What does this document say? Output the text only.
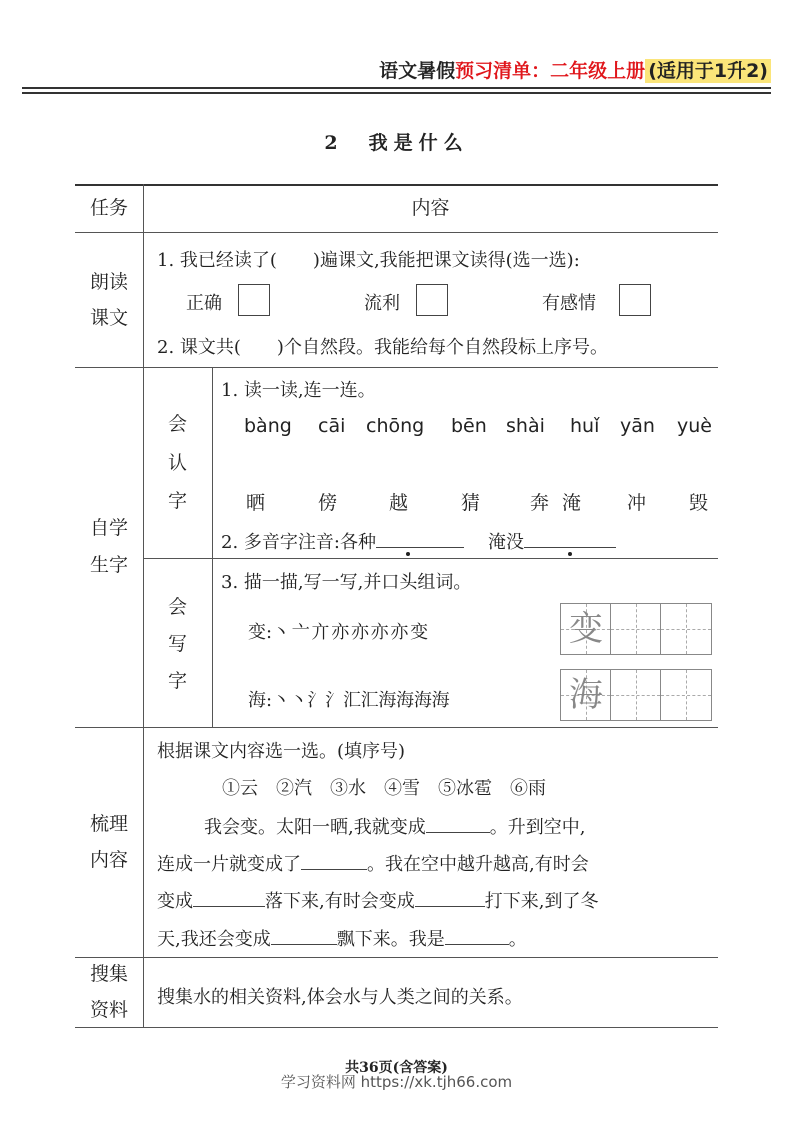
语文暑假预习清单：二年级上册 (适用于1升2)
2　我是什么
任务	内容
朗读
课文
1. 我已经读了(　　)遍课文,我能把课文读得(选一选):
正确	流利	有感情
2. 课文共(　　)个自然段。我能给每个自然段标上序号。
自学
生字
会
认
字
1. 读一读,连一连。
bàng cāi chōng bēn shài huǐ yān yuè
晒	傍	越	猜	奔 淹 冲 毁
2. 多音字注音:各种	淹没
会
写
字
3. 描一描,写一写,并口头组词。
变:丶 亠 亣 亦 亦 亦 亦 变	变
海:丶 丶 氵 氵 汇 汇 海 海 海 海	海
梳理
内容
根据课文内容选一选。(填序号)
①云　②汽　③水　④雪　⑤冰雹　⑥雨
我会变。太阳一晒,我就变成	。升到空中,
连成一片就变成了	。我在空中越升越高,有时会
变成	落下来,有时会变成	打下来,到了冬
天,我还会变成	飘下来。我是	。
搜集
资料
搜集水的相关资料,体会水与人类之间的关系。
共36页(含答案)
学习资料网 https://xk.tjh66.com
